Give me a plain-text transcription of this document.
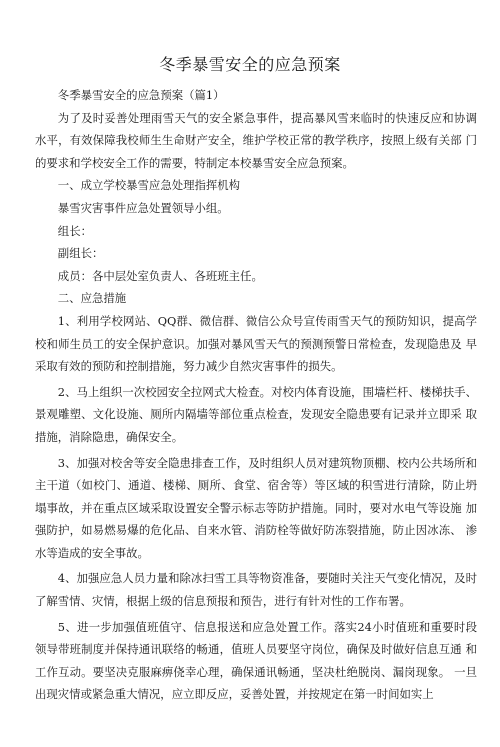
冬季暴雪安全的应急预案

冬季暴雪安全的应急预案（篇1）

为了及时妥善处理雨雪天气的安全紧急事件，提高暴风雪来临时的快速反应和协调 水平，有效保障我校师生生命财产安全，维护学校正常的教学秩序，按照上级有关部 门的要求和学校安全工作的需要，特制定本校暴雪安全应急预案。

一、成立学校暴雪应急处理指挥机构

暴雪灾害事件应急处置领导小组。

组长：

副组长：

成员：各中层处室负责人、各班班主任。

二、应急措施

1、利用学校网站、QQ群、微信群、微信公众号宣传雨雪天气的预防知识，提高学 校和师生员工的安全保护意识。加强对暴风雪天气的预测预警日常检查，发现隐患及 早采取有效的预防和控制措施，努力减少自然灾害事件的损失。

2、马上组织一次校园安全拉网式大检查。对校内体育设施，围墙栏杆、楼梯扶手、 景观雕塑、文化设施、厕所内隔墙等部位重点检查，发现安全隐患要有记录并立即采 取措施，消除隐患，确保安全。

3、加强对校舍等安全隐患排查工作，及时组织人员对建筑物顶棚、校内公共场所和 主干道（如校门、通道、楼梯、厕所、食堂、宿舍等）等区域的积雪进行清除，防止坍 塌事故，并在重点区域采取设置安全警示标志等防护措施。同时，要对水电气等设施 加强防护，如易燃易爆的危化品、自来水管、消防栓等做好防冻裂措施，防止因冰冻、 渗水等造成的安全事故。

4、加强应急人员力量和除冰扫雪工具等物资准备，要随时关注天气变化情况，及时 了解雪情、灾情，根据上级的信息预报和预告，进行有针对性的工作布署。

5、进一步加强值班值守、信息报送和应急处置工作。落实24小时值班和重要时段 领导带班制度并保持通讯联络的畅通，值班人员要坚守岗位，确保及时做好信息互通 和工作互动。要坚决克服麻痹侥幸心理，确保通讯畅通，坚决杜绝脱岗、漏岗现象。 一旦出现灾情或紧急重大情况，应立即反应，妥善处置，并按规定在第一时间如实上
